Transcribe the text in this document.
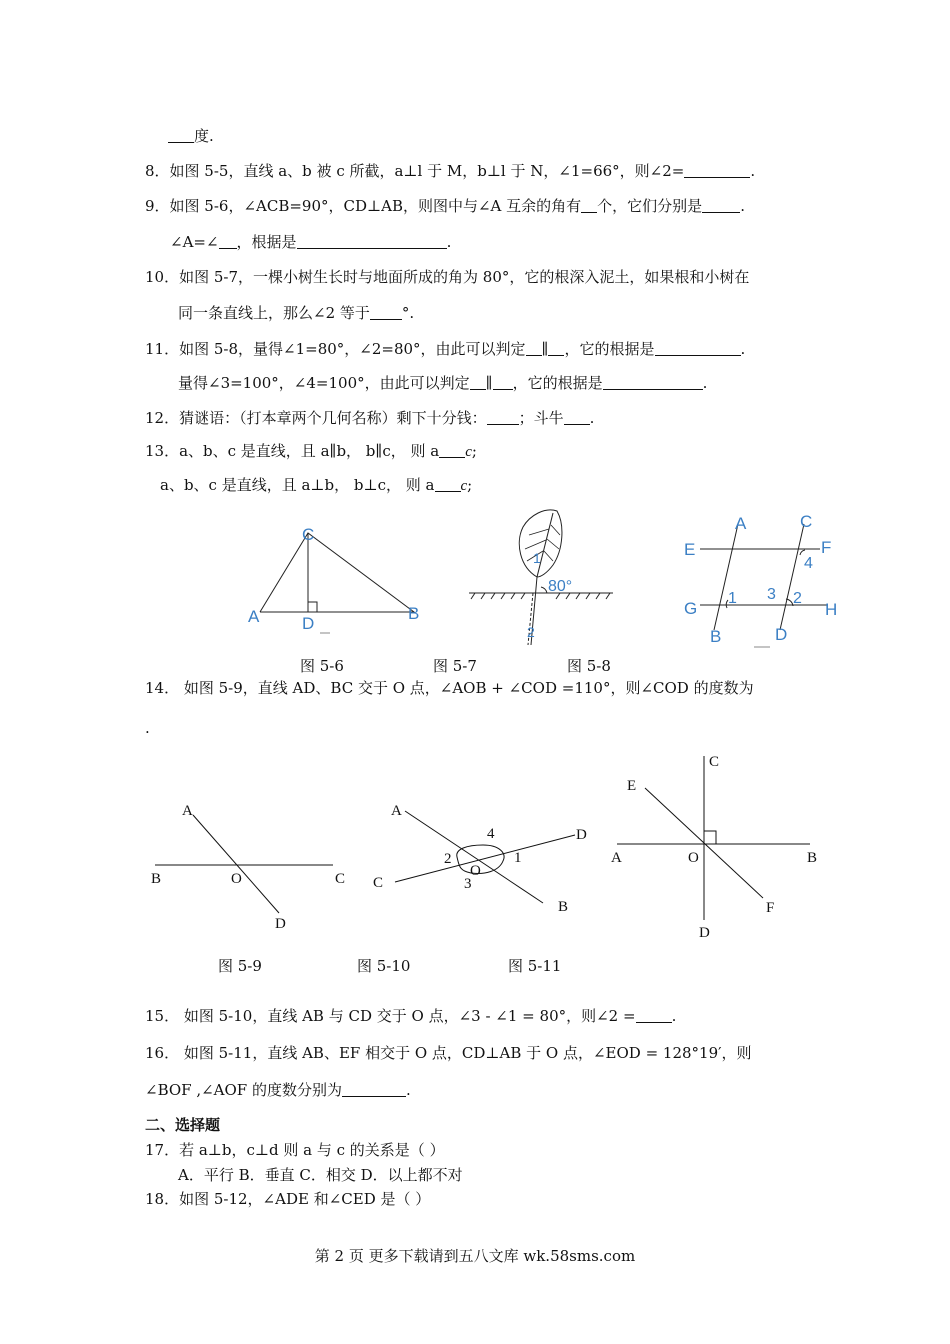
度.
8．如图 5-5，直线 a、b 被 c 所截，a⊥l 于 M，b⊥l 于 N，∠1=66°，则∠2=	.
9．如图 5-6，∠ACB=90°，CD⊥AB，则图中与∠A 互余的角有 个，它们分别是	.
∠A=∠ ，根据是	.
10．如图 5-7，一棵小树生长时与地面所成的角为 80°，它的根深入泥土，如果根和小树在
同一条直线上，那么∠2 等于 °.
11．如图 5-8，量得∠1=80°，∠2=80°，由此可以判定 ∥ ，它的根据是	.
量得∠3=100°，∠4=100°，由此可以判定 ∥ ，它的根据是	.
12．猜谜语：（打本章两个几何名称）剩下十分钱： ；斗牛 .
13．a、b、c 是直线，且 a∥b， b∥c， 则 a c;
a、b、c 是直线，且 a⊥b， b⊥c， 则 a c;
C
A	D
B
80°
1
2
A	C
E	F
4
G
1 3 2
H
B	D
图 5-6	图 5-7	图 5-8
14． 如图 5-9，直线 AD、BC 交于 O 点，∠AOB + ∠COD =110°，则∠COD 的度数为
.
A
B	O	C
D
A
D
4
2	1
O
3
C
B
C
E
A	O	B
F
D
图 5-9	图 5-10	图 5-11
15． 如图 5-10，直线 AB 与 CD 交于 O 点，∠3 - ∠1 = 80°，则∠2 = .
16． 如图 5-11，直线 AB、EF 相交于 O 点，CD⊥AB 于 O 点，∠EOD = 128°19′，则
∠BOF ,∠AOF 的度数分别为	.
二、选择题
17．若 a⊥b，c⊥d 则 a 与 c 的关系是（ ）
A．平行 B．垂直 C．相交 D．以上都不对
18．如图 5-12，∠ADE 和∠CED 是（ ）
第 2 页 更多下载请到五八文库 wk.58sms.com
